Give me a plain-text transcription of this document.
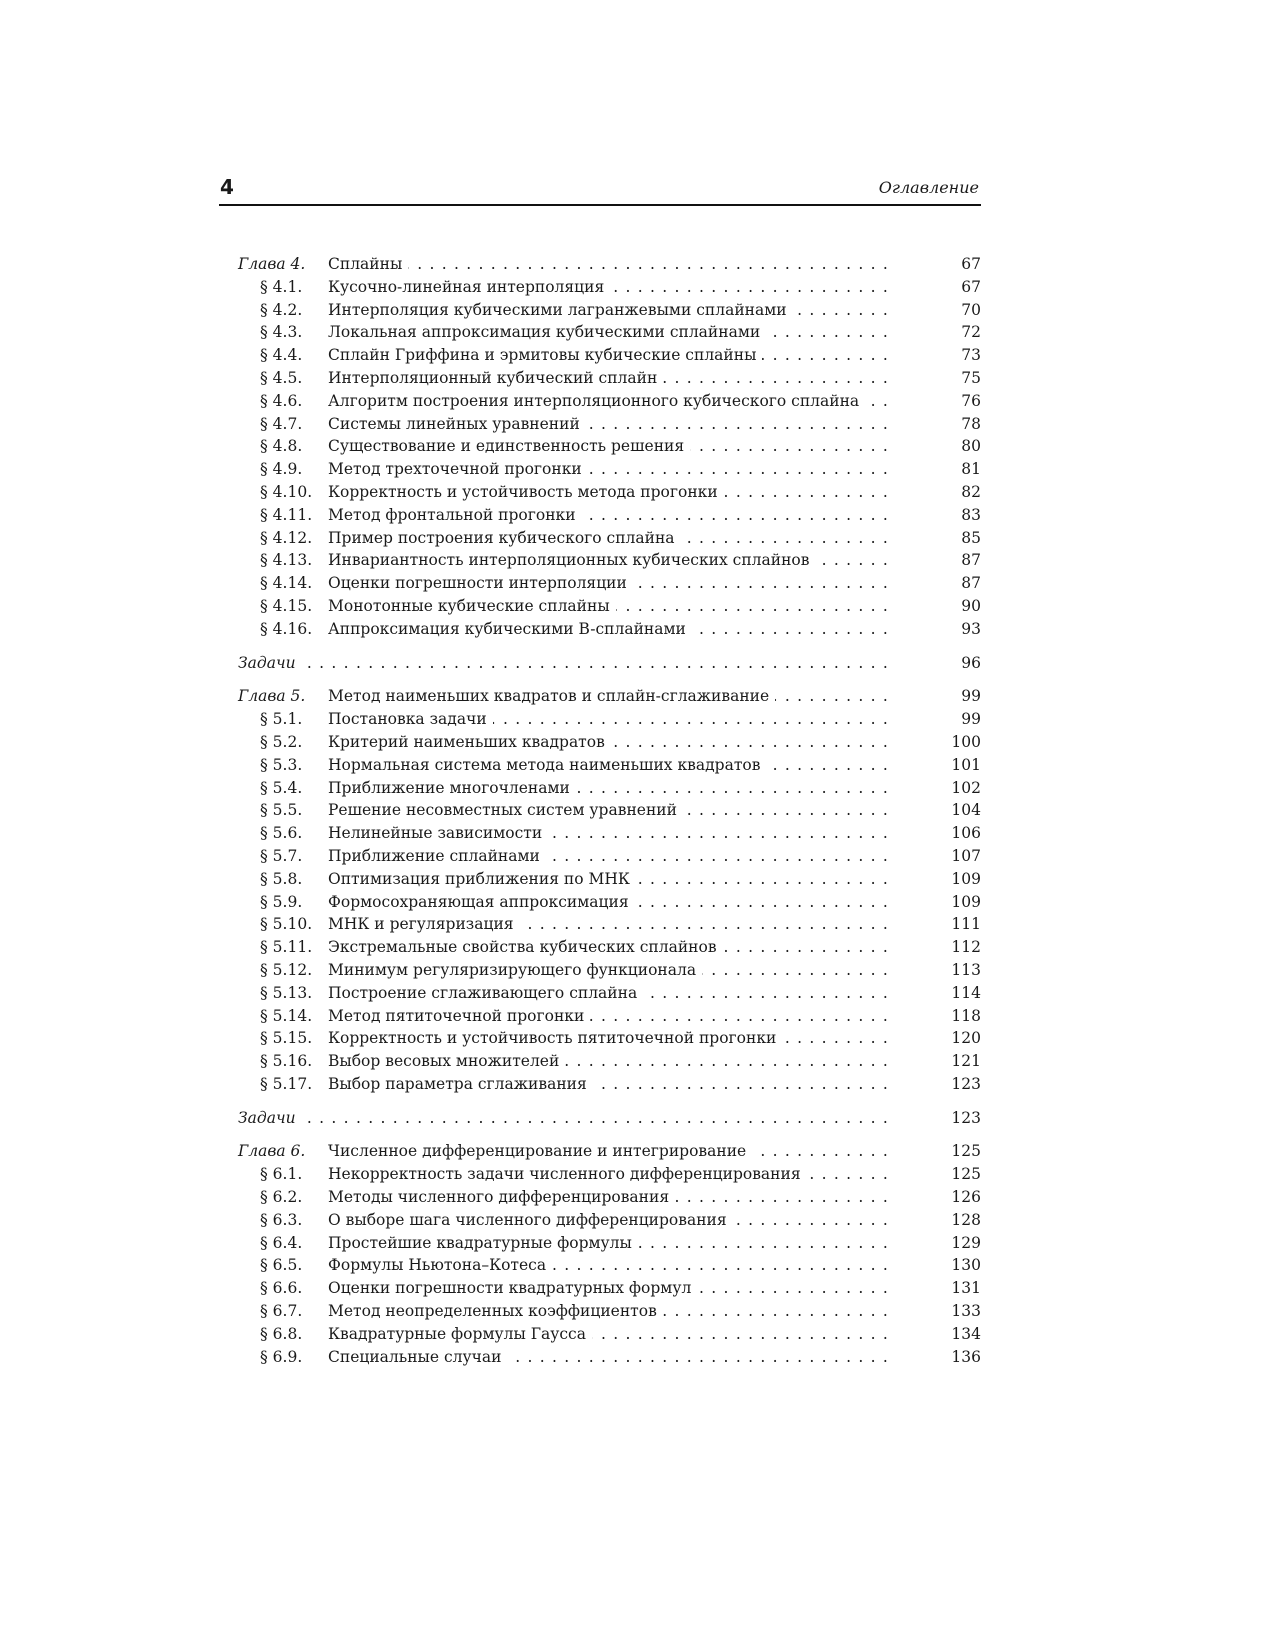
4	Оглавление
Глава 4. Сплайны . . .	67
§ 4.1. Кусочно-линейная интерполяция . . .	67
§ 4.2. Интерполяция кубическими лагранжевыми сплайнами . . .	70
§ 4.3. Локальная аппроксимация кубическими сплайнами . . .	72
§ 4.4. Сплайн Гриффина и эрмитовы кубические сплайны . . .	73
§ 4.5. Интерполяционный кубический сплайн . . .	75
§ 4.6. Алгоритм построения интерполяционного кубического сплайна . . .	76
§ 4.7. Системы линейных уравнений . . .	78
§ 4.8. Существование и единственность решения . . .	80
§ 4.9. Метод трехточечной прогонки . . .	81
§ 4.10. Корректность и устойчивость метода прогонки . . .	82
§ 4.11. Метод фронтальной прогонки . . .	83
§ 4.12. Пример построения кубического сплайна . . .	85
§ 4.13. Инвариантность интерполяционных кубических сплайнов . . .	87
§ 4.14. Оценки погрешности интерполяции . . .	87
§ 4.15. Монотонные кубические сплайны . . .	90
§ 4.16. Аппроксимация кубическими B-сплайнами . . .	93
Задачи . . .	96
Глава 5. Метод наименьших квадратов и сплайн-сглаживание . . .	99
§ 5.1. Постановка задачи . . .	99
§ 5.2. Критерий наименьших квадратов . . .	100
§ 5.3. Нормальная система метода наименьших квадратов . . .	101
§ 5.4. Приближение многочленами . . .	102
§ 5.5. Решение несовместных систем уравнений . . .	104
§ 5.6. Нелинейные зависимости . . .	106
§ 5.7. Приближение сплайнами . . .	107
§ 5.8. Оптимизация приближения по МНК . . .	109
§ 5.9. Формосохраняющая аппроксимация . . .	109
§ 5.10. МНК и регуляризация . . .	111
§ 5.11. Экстремальные свойства кубических сплайнов . . .	112
§ 5.12. Минимум регуляризирующего функционала . . .	113
§ 5.13. Построение сглаживающего сплайна . . .	114
§ 5.14. Метод пятиточечной прогонки . . .	118
§ 5.15. Корректность и устойчивость пятиточечной прогонки . . .	120
§ 5.16. Выбор весовых множителей . . .	121
§ 5.17. Выбор параметра сглаживания . . .	123
Задачи . . .	123
Глава 6. Численное дифференцирование и интегрирование . . .	125
§ 6.1. Некорректность задачи численного дифференцирования . . .	125
§ 6.2. Методы численного дифференцирования . . .	126
§ 6.3. О выборе шага численного дифференцирования . . .	128
§ 6.4. Простейшие квадратурные формулы . . .	129
§ 6.5. Формулы Ньютона–Котеса . . .	130
§ 6.6. Оценки погрешности квадратурных формул . . .	131
§ 6.7. Метод неопределенных коэффициентов . . .	133
§ 6.8. Квадратурные формулы Гаусса . . .	134
§ 6.9. Специальные случаи . . .	136
